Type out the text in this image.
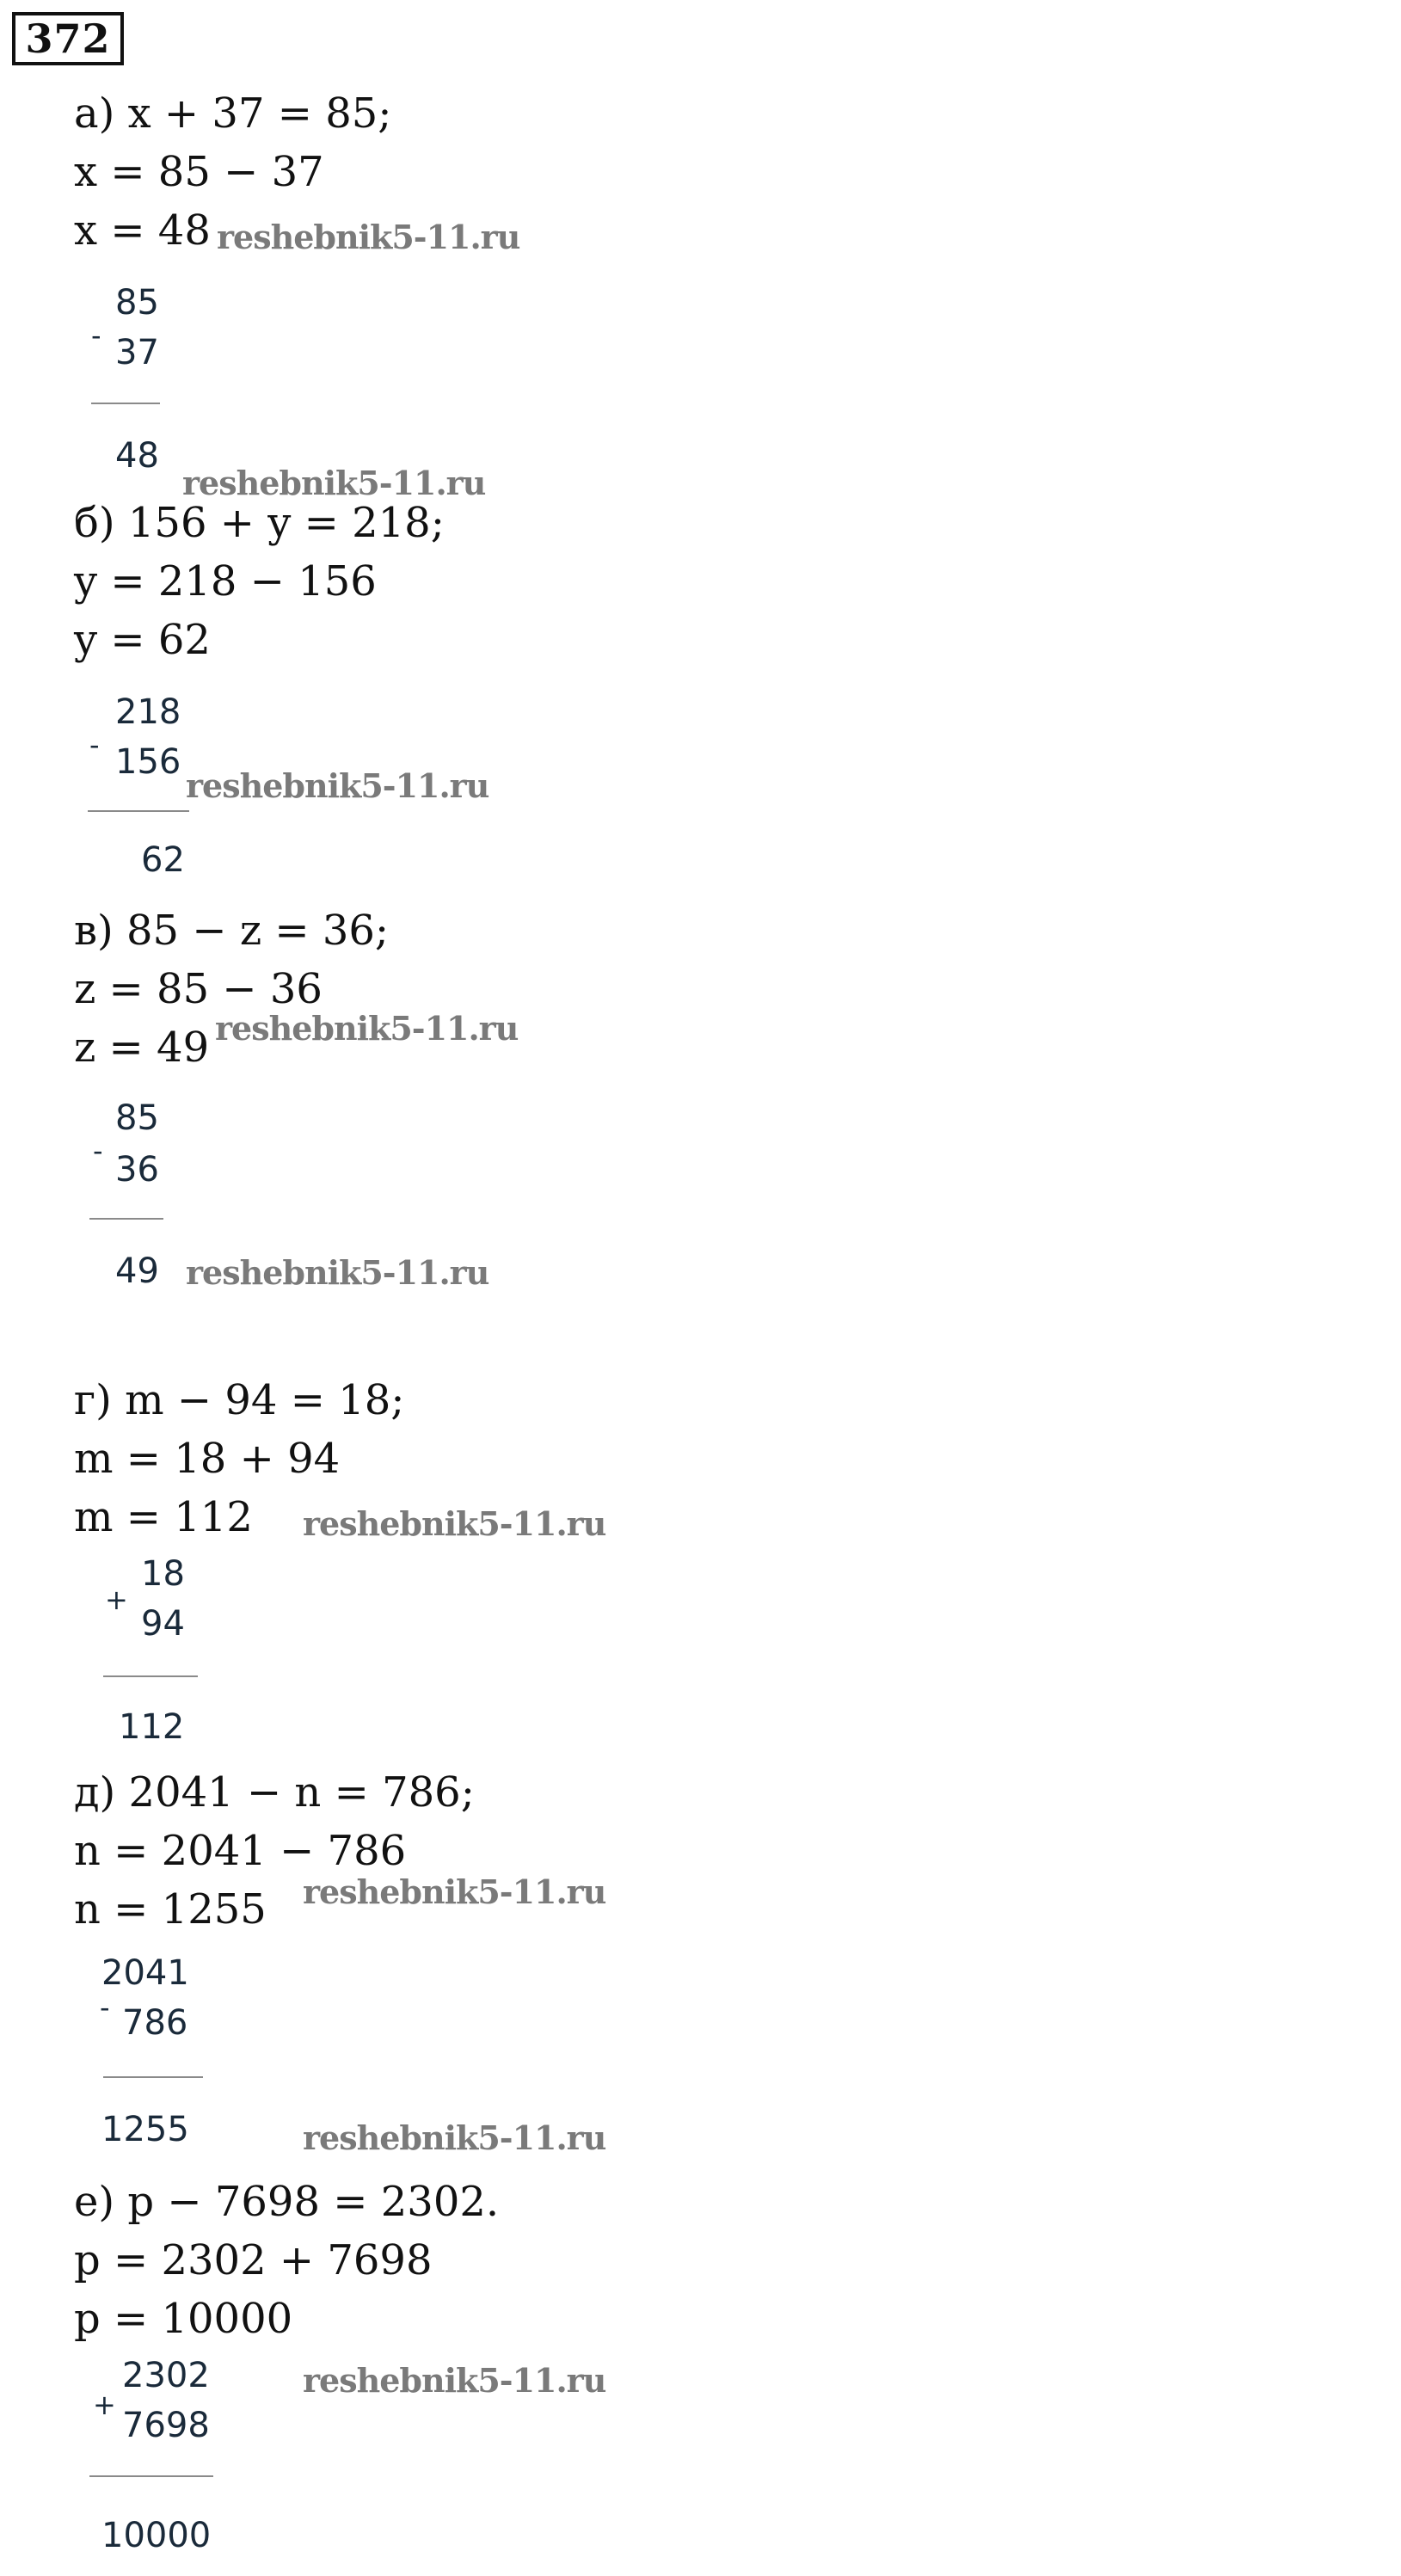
372
а) x + 37 = 85;
x = 85 − 37
x = 48 reshebnik5-11.ru
85
- 37
48
reshebnik5-11.ru
б) 156 + y = 218;
y = 218 − 156
y = 62
218
- 156
62
reshebnik5-11.ru
в) 85 − z = 36;
z = 85 − 36
z = 49 reshebnik5-11.ru
85
- 36
49 reshebnik5-11.ru
г) m − 94 = 18;
m = 18 + 94
m = 112 reshebnik5-11.ru
18
+
94
112
д) 2041 − n = 786;
n = 2041 − 786
n = 1255 reshebnik5-11.ru
2041
- 786
1255	reshebnik5-11.ru
е) p − 7698 = 2302.
p = 2302 + 7698
p = 10000
reshebnik5-11.ru
2302
+
7698
10000
